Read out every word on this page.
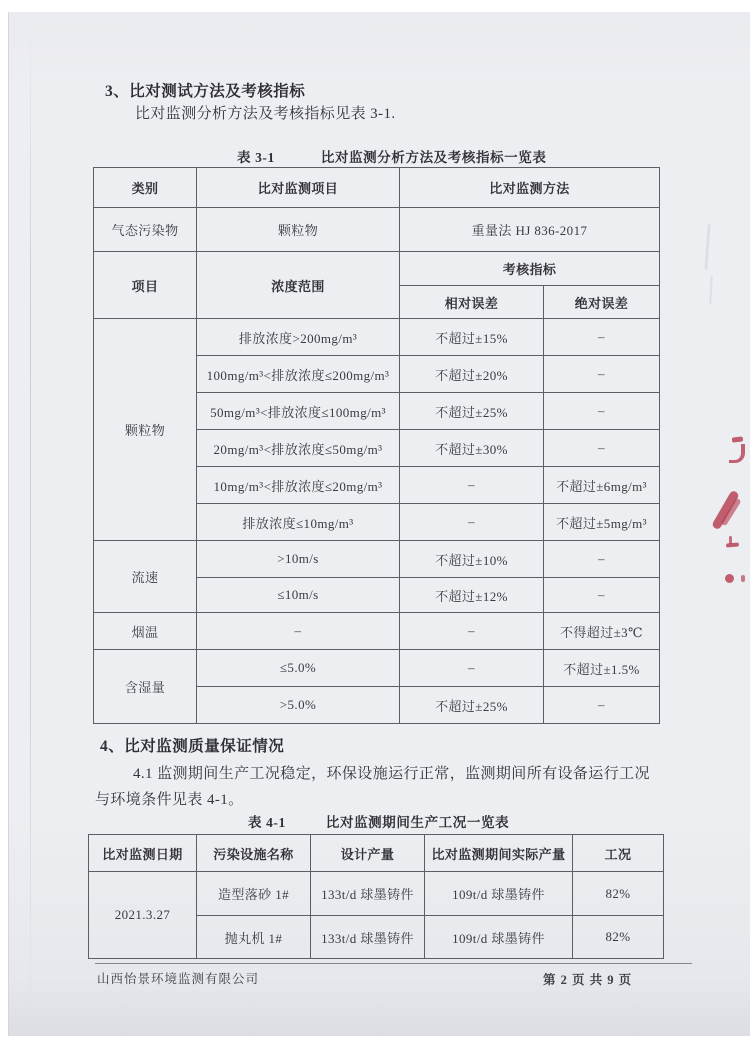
3、比对测试方法及考核指标
比对监测分析方法及考核指标见表 3-1.
表 3-1	比对监测分析方法及考核指标一览表
类别	比对监测项目	比对监测方法	
气态污染物	颗粒物	重量法 HJ 836-2017	
项目	浓度范围	考核指标	
		相对误差	绝对误差
颗粒物	排放浓度>200mg/m³	不超过±15%	–
	100mg/m³<排放浓度≤200mg/m³	不超过±20%	–
	50mg/m³<排放浓度≤100mg/m³	不超过±25%	–
	20mg/m³<排放浓度≤50mg/m³	不超过±30%	–
	10mg/m³<排放浓度≤20mg/m³	–	不超过±6mg/m³
	排放浓度≤10mg/m³	–	不超过±5mg/m³
流速	>10m/s	不超过±10%	–
	≤10m/s	不超过±12%	–
烟温	–	–	不得超过±3℃
含湿量	≤5.0%	–	不超过±1.5%
	>5.0%	不超过±25%	–
4、比对监测质量保证情况
4.1 监测期间生产工况稳定，环保设施运行正常，监测期间所有设备运行工况
与环境条件见表 4-1。
表 4-1	比对监测期间生产工况一览表
比对监测日期	污染设施名称	设计产量	比对监测期间实际产量	工况
2021.3.27	造型落砂 1#	133t/d 球墨铸件	109t/d 球墨铸件	82%
	抛丸机 1#	133t/d 球墨铸件	109t/d 球墨铸件	82%
山西怡景环境监测有限公司	第 2 页 共 9 页
